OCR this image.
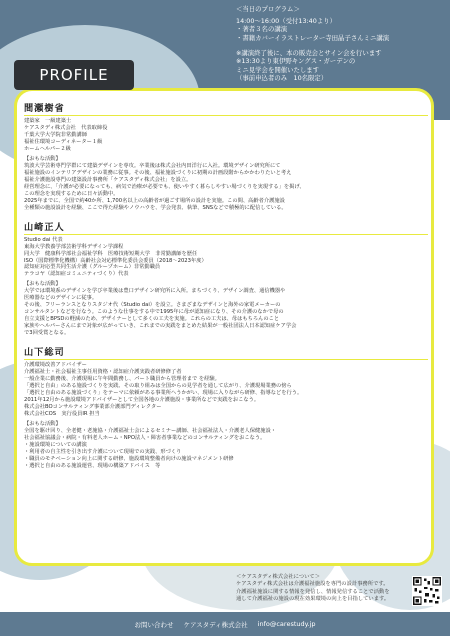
＜当日のプログラム＞
14:00～16:00（受付13:40より）
・著者３名の講演
・書籍カバーイラストレーター寺田晶子さんミニ講演
※講演終了後に、本の販売会とサイン会を行います
※13:30より東伊野キングス・ガーデンの
ミニ見学会を開催いたします
（事前申込者のみ　10名限定）
PROFILE
間瀬樹省
建築家　一級建築士
ケアスタディ株式会社　代表取締役
千葉大学大学院非常勤講師
福祉住環境コーディネーター１級
ホームヘルパー２級
【おもな活動】
筑波大学芸術専門学群にて建築デザインを専攻。卒業後は株式会社内田洋行に入社。環境デザイン研究所にて
福祉施設のインテリアデザインの業務に従事。その後、福祉施設づくりに初期の計画段階からかかわりたいと考え
福祉介護施設専門の建築設計事務所「ケアスタディ株式会社」を設立。
経営理念に、「介護が必要になっても、病気で治療が必要でも、使いやすく暮らしやすい場づくりを実現する」を掲げ、
この理念を実現するために日々活動中。
2025年までに、全国で約40か所、1,700名以上の高齢者が過ごす場所の設計を実施。この間、高齢者介護施設
全種類の施設設計を経験、ここで得た経験やノウハウを、学会発表、執筆、SNSなどで積極的に配信している。
山崎正人
Studio dai 代表
東海大学教養学部芸術学科デザイン学課程
同大学　健康科学部社会福祉学科　医療技術短期大学　非常勤講師を歴任
ISO（国際標準化機構）高齢社会対応標準化委員会委員（2018～2023年度）
認知症対応型共同生活介護（グループホーム）非常勤職員
テラコヤ（認知症コミュニティづくり）代表
【おもな活動】
大学では環境系のデザインを学び卒業後は豊口デザイン研究所に入所。まちづくり、デザイン調査、通信機器や
医療器などのデザインに従事。
その後、フリーランスとなりスタジオ代（Studio dai）を設立。さまざまなデザインと海外の家電メーカーの
コンサルタントなどを行なう。このような仕事をする中で1995年に母が認知症になり、その介護のなかで母の
自立支援とBPSDの軽減のため、デザイナーとして多くの工夫を実施。これらの工夫は、母はもちろんのこと
家族やヘルパーさんにまで対象が広がっていき、これまでの実践をまとめた結果が一般社団法人日本認知症ケア学会
で3回受賞となる。
山下総司
介護環境改善アドバイザー
介護福祉士・社会福祉主事任用資格・認知症介護実践者研修修了者
一般企業に勤務後、介護現場に午年間勤務し、パート職員から管理者まで を経験。
「選択と自由」のある施設づくりを実践、その取り組みは全国からの見学者を通して広がり、介護現場業務の傍ら
「選択と自由のある施設づくり」をテーマに依頼がある事業所へうかがい、現場に入りながら研修、指導などを行う。
2011年12月から施設環境アドバイザーとして全国各地の介護施設・事業所などで実践をおこなう。
株式会社BOコンサルティング事業部介護部門ディレクター
株式会社COS　実行役員IR 担当
【おもな活動】
全国を駆け回り、全老健・老施協・介護福祉士会によるセミナー講師、社会福祉法人・介護老人保健施設・
社会福祉協議会・病院・有料老人ホーム・NPO法人・障害者事業などのコンサルティングをおこなう。
・施設環境についての講演
・利用者の自主性を引き出す介護について現場での実践、形づくり
・職員のモチベーション向上に関する研修、施設環境整備者向けの施設マネジメント研修
・選択と自由のある施設運営、現場の構築アドバイス　等
＜ケアスタディ株式会社について＞
ケアスタディ株式会社は介護福祉施設を専門の設計事務所です。
介護福祉施設に関する情報を発信し、情報発信することで活動を
通して介護福祉の施設の現在効果環境の向上を目指しています。
お問い合わせ ケアスタディ株式会社 info@carestudy.jp
